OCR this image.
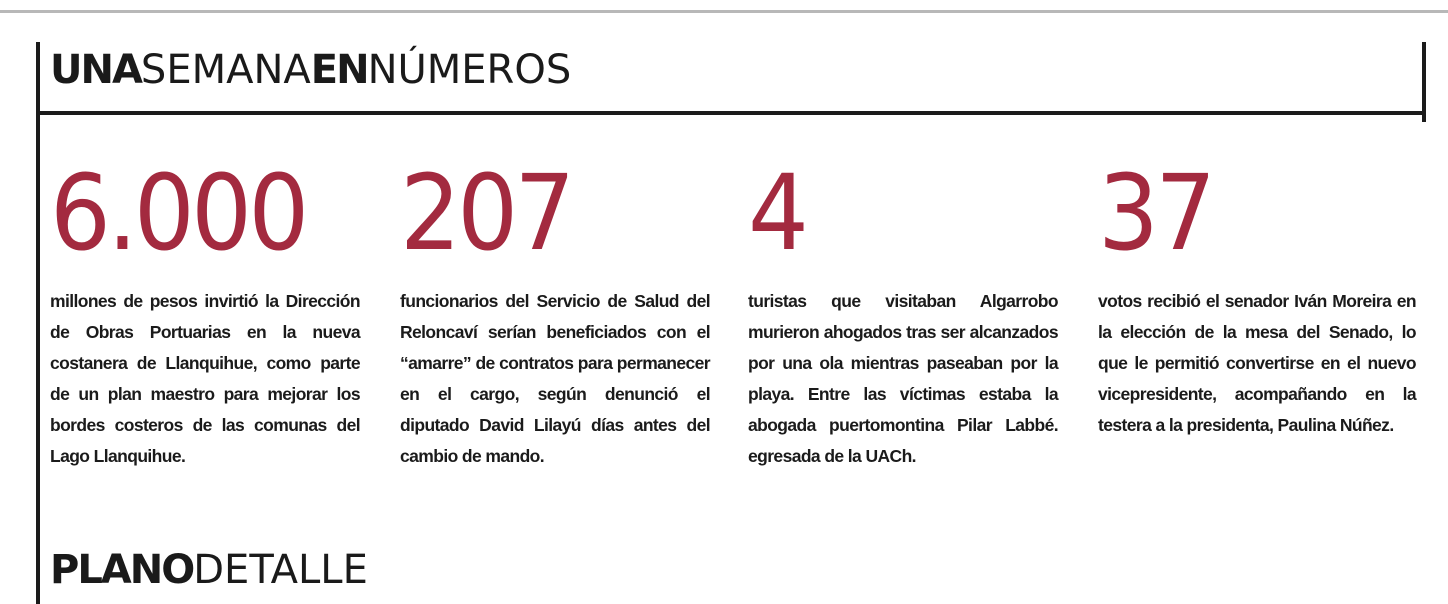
UNASEMANAENNÚMEROS
6.000
millones de pesos invirtió la Dirección de Obras Portuarias en la nueva costanera de Llanquihue, como parte de un plan maestro para mejorar los bordes costeros de las comunas del Lago Llanquihue.
207
funcionarios del Servicio de Salud del Reloncaví serían beneficiados con el “amarre” de contratos para permanecer en el cargo, según denunció el diputado David Lilayú días antes del cambio de mando.
4
turistas que visitaban Algarrobo murieron ahogados tras ser alcanzados por una ola mientras paseaban por la playa. Entre las víctimas estaba la abogada puertomontina Pilar Labbé. egresada de la UACh.
37
votos recibió el senador Iván Moreira en la elección de la mesa del Senado, lo que le permitió convertirse en el nuevo vicepresidente, acompañando en la testera a la presidenta, Paulina Núñez.
PLANODETALLE
